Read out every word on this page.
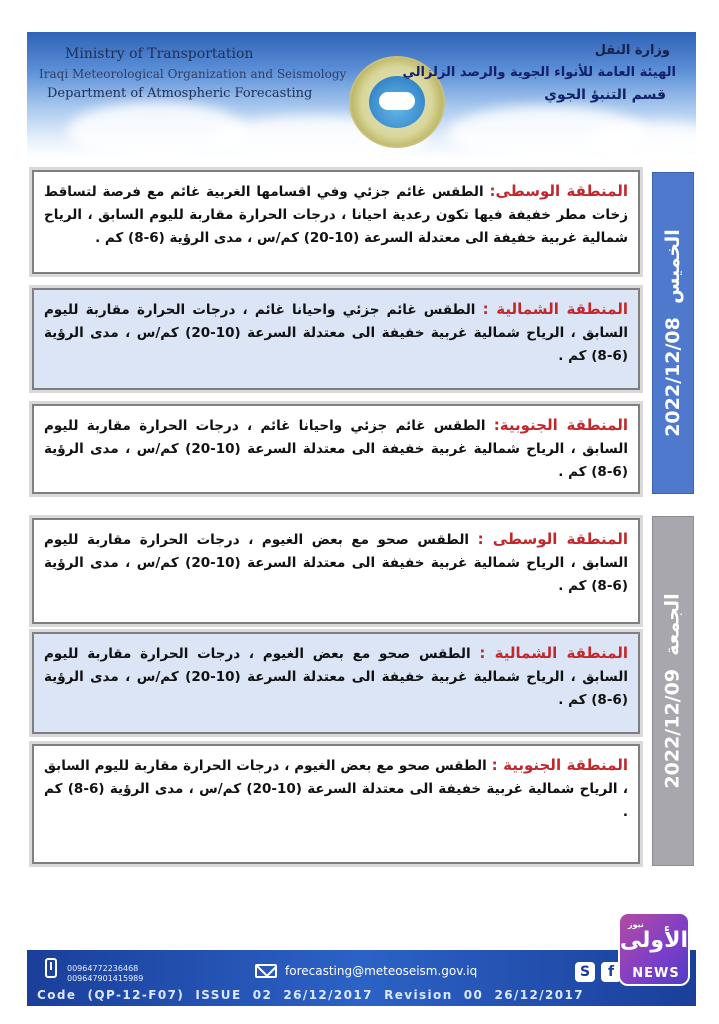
Ministry of Transportation
Iraqi Meteorological Organization and Seismology
Department of Atmospheric Forecasting
وزارة النقل
الهيئة العامة للأنواء الجوية والرصد الزلزالي
قسم التنبؤ الجوي
المنطقة الوسطى: الطقس غائم جزئي وفي اقسامها الغربية غائم مع فرصة لتساقط زخات مطر خفيفة فيها تكون رعدية احيانا ، درجات الحرارة مقاربة لليوم السابق ، الرياح شمالية غربية خفيفة الى معتدلة السرعة (10-20) كم/س ، مدى الرؤية (6-8) كم .
المنطقة الشمالية : الطقس غائم جزئي واحيانا غائم ، درجات الحرارة مقاربة لليوم السابق ، الرياح شمالية غربية خفيفة الى معتدلة السرعة (10-20) كم/س ، مدى الرؤية (6-8) كم .
المنطقة الجنوبية: الطقس غائم جزئي واحيانا غائم ، درجات الحرارة مقاربة لليوم السابق ، الرياح شمالية غربية خفيفة الى معتدلة السرعة (10-20) كم/س ، مدى الرؤية (6-8) كم .
الخميس  2022/12/08
المنطقة الوسطى : الطقس صحو مع بعض الغيوم ، درجات الحرارة مقاربة لليوم السابق ، الرياح شمالية غربية خفيفة الى معتدلة السرعة (10-20) كم/س ، مدى الرؤية (6-8) كم .
المنطقة الشمالية : الطقس صحو مع بعض الغيوم ، درجات الحرارة مقاربة لليوم السابق ، الرياح شمالية غربية خفيفة الى معتدلة السرعة (10-20) كم/س ، مدى الرؤية (6-8) كم .
المنطقة الجنوبية : الطقس صحو مع بعض الغيوم ، درجات الحرارة مقاربة لليوم السابق ، الرياح شمالية غربية خفيفة الى معتدلة السرعة (10-20) كم/س ، مدى الرؤية (6-8) كم .
الجمعة  2022/12/09
009647722364​68
009647901415989
forecasting@meteoseism.gov.iq	S	f
Code  (QP-12-F07)  ISSUE  02  26/12/2017  Revision  00  26/12/2017
نيوز
الأولى
NEWS
